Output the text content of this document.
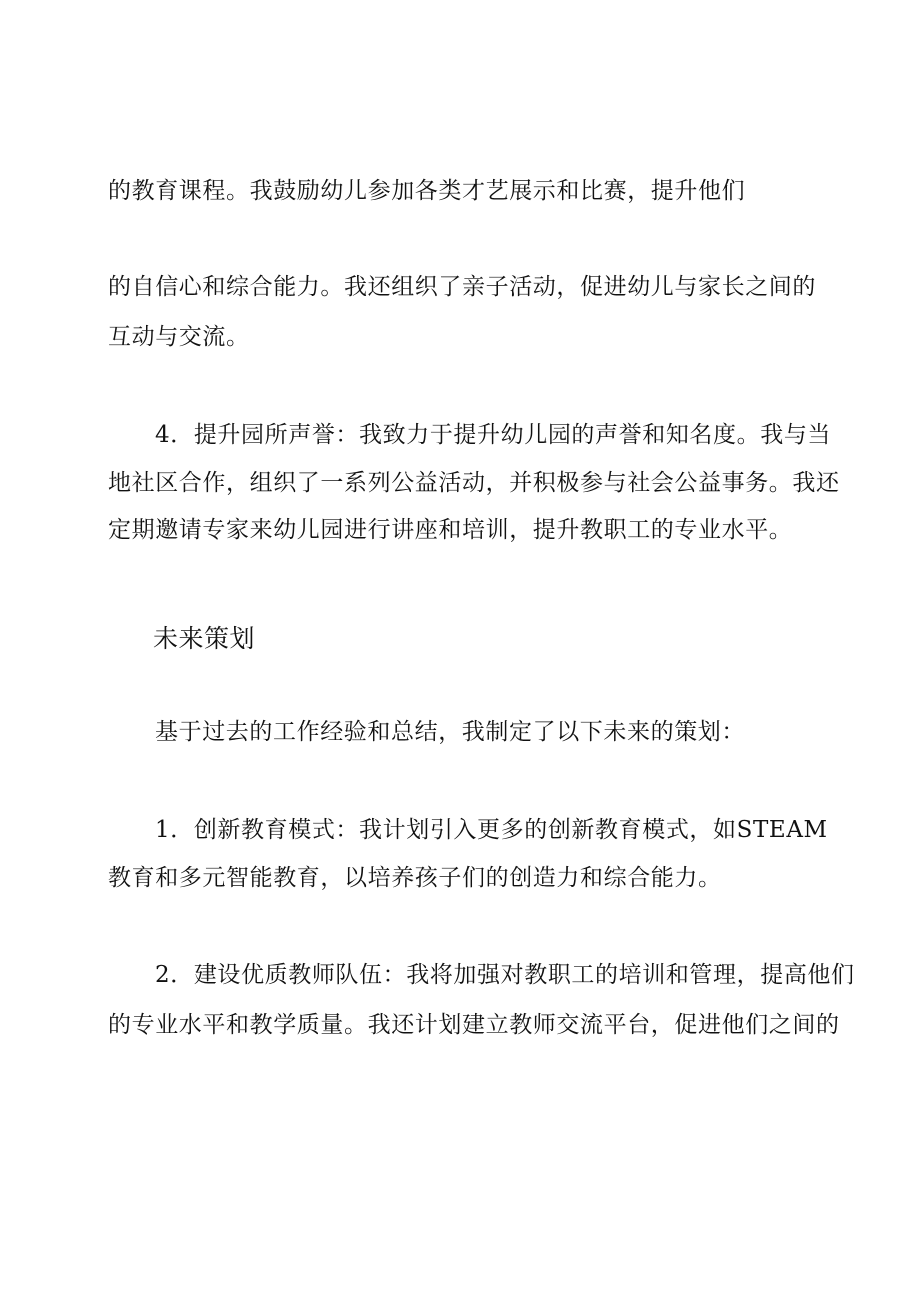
的教育课程。我鼓励幼儿参加各类才艺展示和比赛，提升他们
的自信心和综合能力。我还组织了亲子活动，促进幼儿与家长之间的
互动与交流。
4．提升园所声誉：我致力于提升幼儿园的声誉和知名度。我与当
地社区合作，组织了一系列公益活动，并积极参与社会公益事务。我还
定期邀请专家来幼儿园进行讲座和培训，提升教职工的专业水平。
未来策划
基于过去的工作经验和总结，我制定了以下未来的策划：
1．创新教育模式：我计划引入更多的创新教育模式，如STEAM
教育和多元智能教育，以培养孩子们的创造力和综合能力。
2．建设优质教师队伍：我将加强对教职工的培训和管理，提高他们
的专业水平和教学质量。我还计划建立教师交流平台，促进他们之间的
